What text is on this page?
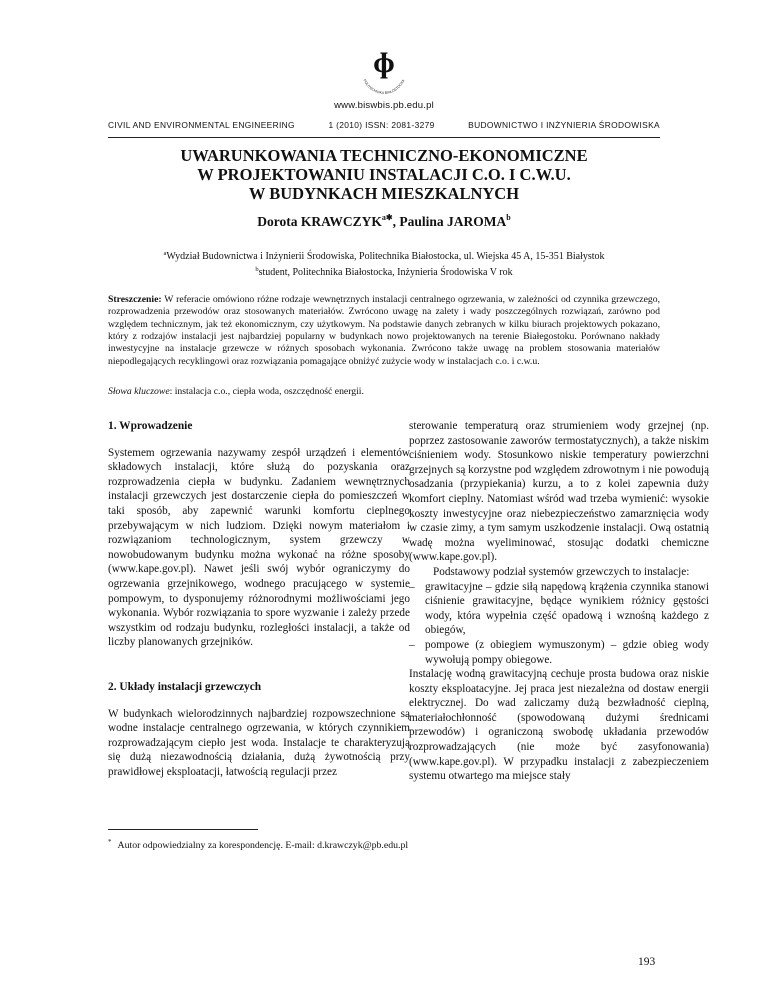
ɸ
POLITECHNIKA BIAŁOSTOCKA
www.biswbis.pb.edu.pl
CIVIL AND ENVIRONMENTAL ENGINEERING	1 (2010) ISSN: 2081-3279	BUDOWNICTWO I INŻYNIERIA ŚRODOWISKA
UWARUNKOWANIA TECHNICZNO-EKONOMICZNE
W PROJEKTOWANIU INSTALACJI C.O. I C.W.U.
W BUDYNKACH MIESZKALNYCH
Dorota $KRAWCZYK^{a✱}$, Paulina JAROMA$^b$
$^a$Wydział Budownictwa i Inżynierii Środowiska, Politechnika Białostocka, ul. Wiejska 45 A, 15-351 Białystok
$^b$student, Politechnika Białostocka, Inżynieria Środowiska V rok
Streszczenie: W referacie omówiono różne rodzaje wewnętrznych instalacji centralnego ogrzewania, w zależności od czynnika grzewczego, rozprowadzenia przewodów oraz stosowanych materiałów. Zwrócono uwagę na zalety i wady poszczególnych rozwiązań, zarówno pod względem technicznym, jak też ekonomicznym, czy użytkowym. Na podstawie danych zebranych w kilku biurach projektowych pokazano, który z rodzajów instalacji jest najbardziej popularny w budynkach nowo projektowanych na terenie Białegostoku. Porównano nakłady inwestycyjne na instalacje grzewcze w różnych sposobach wykonania. Zwrócono także uwagę na problem stosowania materiałów niepodlegających recyklingowi oraz rozwiązania pomagające obniżyć zużycie wody w instalacjach c.o. i c.w.u.
Słowa kluczowe: instalacja c.o., ciepła woda, oszczędność energii.

1. Wprowadzenie

Systemem ogrzewania nazywamy zespół urządzeń i elementów składowych instalacji, które służą do pozyskania oraz rozprowadzenia ciepła w budynku. Zadaniem wewnętrznych instalacji grzewczych jest dostarczenie ciepła do pomieszczeń w taki sposób, aby zapewnić warunki komfortu cieplnego przebywającym w nich ludziom. Dzięki nowym materiałom i rozwiązaniom technologicznym, system grzewczy w nowobudowanym budynku można wykonać na różne sposoby (www.kape.gov.pl). Nawet jeśli swój wybór ograniczymy do ogrzewania grzejnikowego, wodnego pracującego w systemie pompowym, to dysponujemy różnorodnymi możliwościami jego wykonania. Wybór rozwiązania to spore wyzwanie i zależy przede wszystkim od rodzaju budynku, rozległości instalacji, a także od liczby planowanych grzejników.

2. Układy instalacji grzewczych

W budynkach wielorodzinnych najbardziej rozpowszechnione są wodne instalacje centralnego ogrzewania, w których czynnikiem rozprowadzającym ciepło jest woda. Instalacje te charakteryzują się dużą niezawodnością działania, dużą żywotnością przy prawidłowej eksploatacji, łatwością regulacji przez

sterowanie temperaturą oraz strumieniem wody grzejnej (np. poprzez zastosowanie zaworów termostatycznych), a także niskim ciśnieniem wody. Stosunkowo niskie temperatury powierzchni grzejnych są korzystne pod względem zdrowotnym i nie powodują osadzania (przypiekania) kurzu, a to z kolei zapewnia duży komfort cieplny. Natomiast wśród wad trzeba wymienić: wysokie koszty inwestycyjne oraz niebezpieczeństwo zamarznięcia wody w czasie zimy, a tym samym uszkodzenie instalacji. Ową ostatnią wadę można wyeliminować, stosując dodatki chemiczne (www.kape.gov.pl).

Podstawowy podział systemów grzewczych to instalacje:

– grawitacyjne – gdzie siłą napędową krążenia czynnika stanowi ciśnienie grawitacyjne, będące wynikiem różnicy gęstości wody, która wypełnia część opadową i wznośną każdego z obiegów,
– pompowe (z obiegiem wymuszonym) – gdzie obieg wody wywołują pompy obiegowe.

Instalację wodną grawitacyjną cechuje prosta budowa oraz niskie koszty eksploatacyjne. Jej praca jest niezależna od dostaw energii elektrycznej. Do wad zaliczamy dużą bezwładność cieplną, materiałochłonność (spowodowaną dużymi średnicami przewodów) i ograniczoną swobodę układania przewodów rozprowadzających (nie może być zasyfonowania) (www.kape.gov.pl). W przypadku instalacji z zabezpieczeniem systemu otwartego ma miejsce stały

* Autor odpowiedzialny za korespondencję. E-mail: d.krawczyk@pb.edu.pl
193
